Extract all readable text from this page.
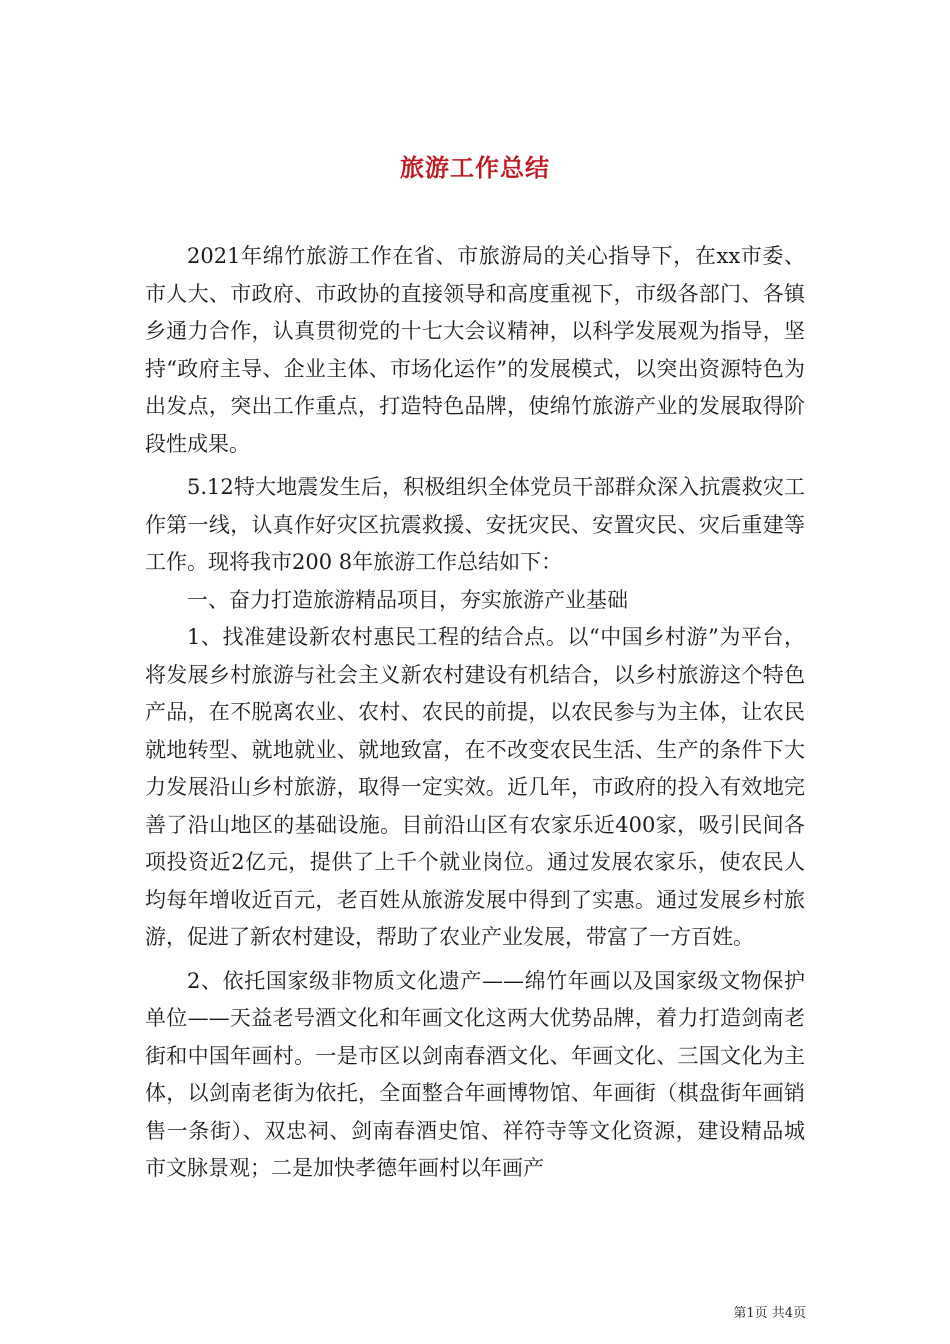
旅游工作总结

2021年绵竹旅游工作在省、市旅游局的关心指导下，在xx市委、市人大、市政府、市政协的直接领导和高度重视下，市级各部门、各镇乡通力合作，认真贯彻党的十七大会议精神，以科学发展观为指导，坚持“政府主导、企业主体、市场化运作”的发展模式，以突出资源特色为出发点，突出工作重点，打造特色品牌，使绵竹旅游产业的发展取得阶段性成果。

5.12特大地震发生后，积极组织全体党员干部群众深入抗震救灾工作第一线，认真作好灾区抗震救援、安抚灾民、安置灾民、灾后重建等工作。现将我市200 8年旅游工作总结如下：

一、奋力打造旅游精品项目，夯实旅游产业基础

1、找准建设新农村惠民工程的结合点。以“中国乡村游”为平台，将发展乡村旅游与社会主义新农村建设有机结合，以乡村旅游这个特色产品，在不脱离农业、农村、农民的前提，以农民参与为主体，让农民就地转型、就地就业、就地致富，在不改变农民生活、生产的条件下大力发展沿山乡村旅游，取得一定实效。近几年，市政府的投入有效地完善了沿山地区的基础设施。目前沿山区有农家乐近400家，吸引民间各项投资近2亿元，提供了上千个就业岗位。通过发展农家乐，使农民人均每年增收近百元，老百姓从旅游发展中得到了实惠。通过发展乡村旅游，促进了新农村建设，帮助了农业产业发展，带富了一方百姓。

2、依托国家级非物质文化遗产——绵竹年画以及国家级文物保护单位——天益老号酒文化和年画文化这两大优势品牌，着力打造剑南老街和中国年画村。一是市区以剑南春酒文化、年画文化、三国文化为主体，以剑南老街为依托，全面整合年画博物馆、年画街（棋盘街年画销售一条街）、双忠祠、剑南春酒史馆、祥符寺等文化资源，建设精品城市文脉景观；二是加快孝德年画村以年画产

第1页 共4页
